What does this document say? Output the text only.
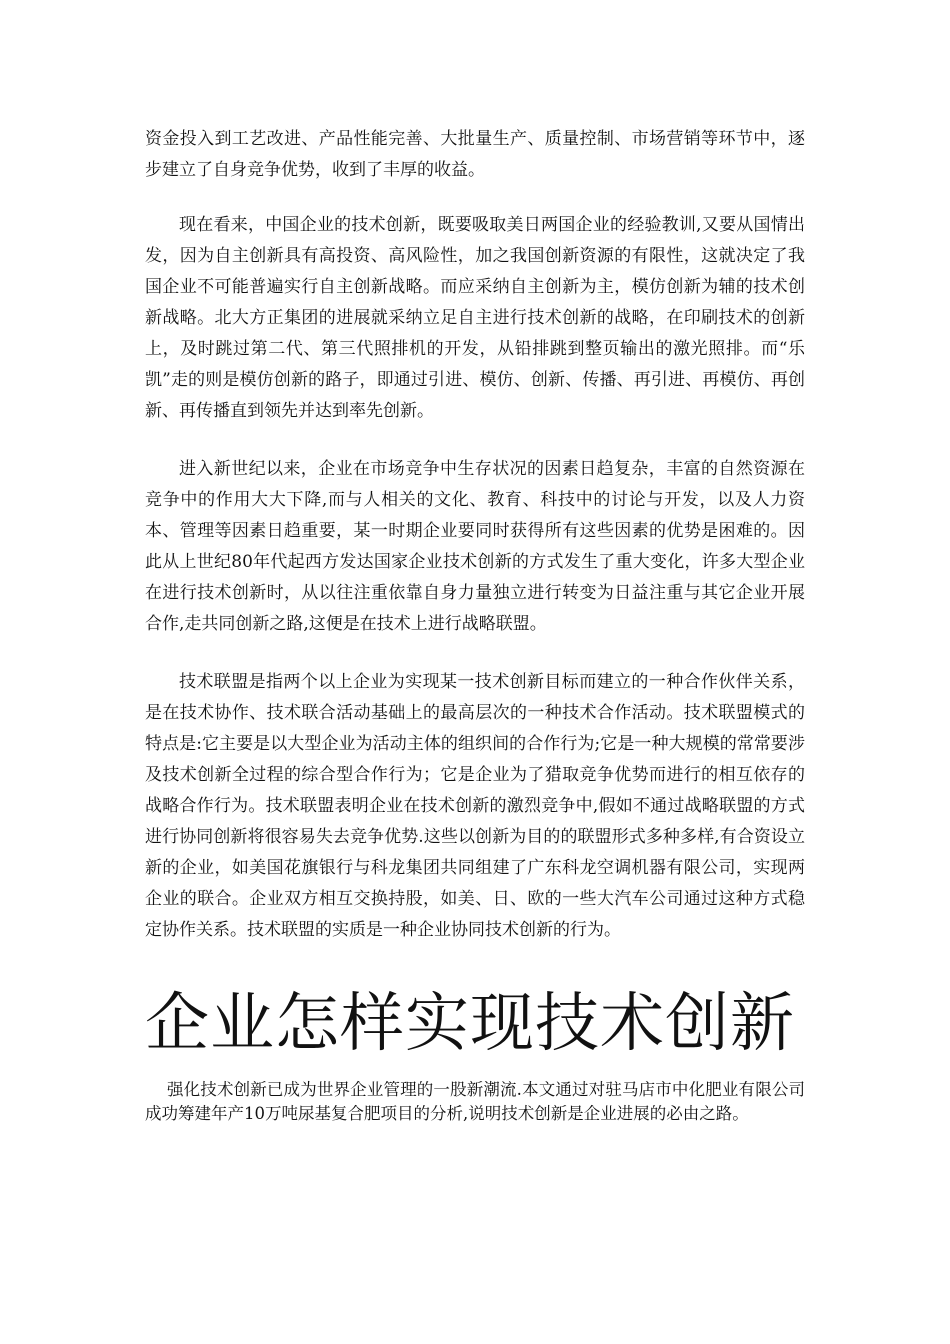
资金投入到工艺改进、产品性能完善、大批量生产、质量控制、市场营销等环节中，逐步建立了自身竞争优势，收到了丰厚的收益。

现在看来，中国企业的技术创新，既要吸取美日两国企业的经验教训,又要从国情出发，因为自主创新具有高投资、高风险性，加之我国创新资源的有限性，这就决定了我国企业不可能普遍实行自主创新战略。而应采纳自主创新为主，模仿创新为辅的技术创新战略。北大方正集团的进展就采纳立足自主进行技术创新的战略，在印刷技术的创新上，及时跳过第二代、第三代照排机的开发，从铅排跳到整页输出的激光照排。而“乐凯”走的则是模仿创新的路子，即通过引进、模仿、创新、传播、再引进、再模仿、再创新、再传播直到领先并达到率先创新。

进入新世纪以来，企业在市场竞争中生存状况的因素日趋复杂，丰富的自然资源在竞争中的作用大大下降,而与人相关的文化、教育、科技中的讨论与开发，以及人力资本、管理等因素日趋重要，某一时期企业要同时获得所有这些因素的优势是困难的。因此从上世纪80年代起西方发达国家企业技术创新的方式发生了重大变化，许多大型企业在进行技术创新时，从以往注重依靠自身力量独立进行转变为日益注重与其它企业开展合作,走共同创新之路,这便是在技术上进行战略联盟。

技术联盟是指两个以上企业为实现某一技术创新目标而建立的一种合作伙伴关系，是在技术协作、技术联合活动基础上的最高层次的一种技术合作活动。技术联盟模式的特点是:它主要是以大型企业为活动主体的组织间的合作行为;它是一种大规模的常常要涉及技术创新全过程的综合型合作行为；它是企业为了猎取竞争优势而进行的相互依存的战略合作行为。技术联盟表明企业在技术创新的激烈竞争中,假如不通过战略联盟的方式进行协同创新将很容易失去竞争优势.这些以创新为目的的联盟形式多种多样,有合资设立新的企业，如美国花旗银行与科龙集团共同组建了广东科龙空调机器有限公司，实现两企业的联合。企业双方相互交换持股，如美、日、欧的一些大汽车公司通过这种方式稳定协作关系。技术联盟的实质是一种企业协同技术创新的行为。

企业怎样实现技术创新

强化技术创新已成为世界企业管理的一股新潮流.本文通过对驻马店市中化肥业有限公司成功筹建年产10万吨尿基复合肥项目的分析,说明技术创新是企业进展的必由之路。
